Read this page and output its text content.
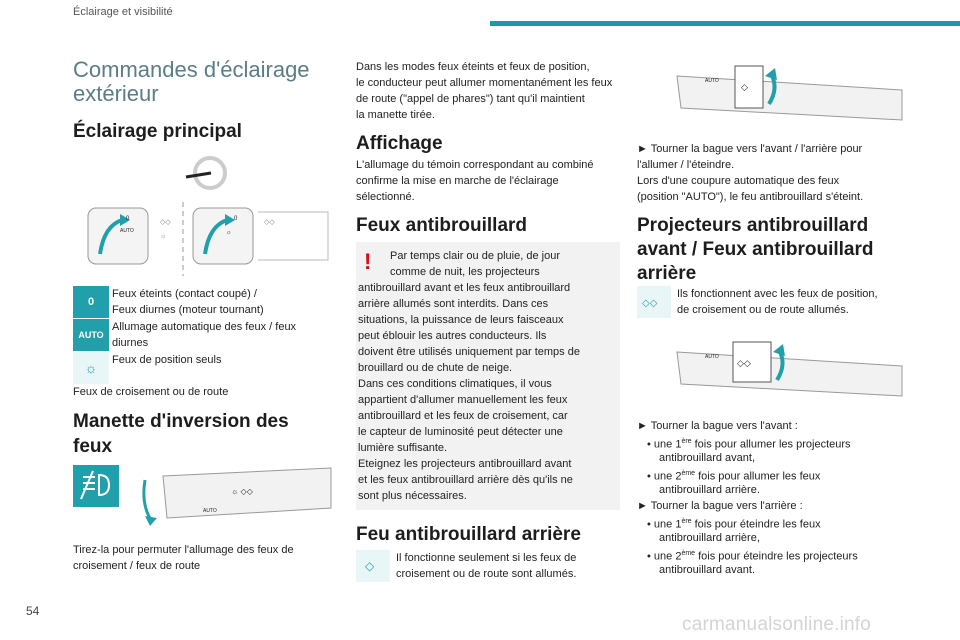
Éclairage et visibilité
54
carmanualsonline.info
Commandes d'éclairage
extérieur
Éclairage principal
0
AUTO
◇◇
☼
0
☼
◇◇
0
Feux éteints (contact coupé) /
Feux diurnes (moteur tournant)
AUTO
Allumage automatique des feux / feux
diurnes
☼	Feux de position seuls
Feux de croisement ou de route
Manette d'inversion des
feux
☼ ◇◇
AUTO
Tirez-la pour permuter l'allumage des feux de
croisement / feux de route
Dans les modes feux éteints et feux de position,
le conducteur peut allumer momentanément les feux
de route ("appel de phares") tant qu'il maintient
la manette tirée.
Affichage
L'allumage du témoin correspondant au combiné
confirme la mise en marche de l'éclairage
sélectionné.
Feux antibrouillard
! Par temps clair ou de pluie, de jour
comme de nuit, les projecteurs
antibrouillard avant et les feux antibrouillard
arrière allumés sont interdits. Dans ces
situations, la puissance de leurs faisceaux
peut éblouir les autres conducteurs. Ils
doivent être utilisés uniquement par temps de
brouillard ou de chute de neige.
Dans ces conditions climatiques, il vous
appartient d'allumer manuellement les feux
antibrouillard et les feux de croisement, car
le capteur de luminosité peut détecter une
lumière suffisante.
Eteignez les projecteurs antibrouillard avant
et les feux antibrouillard arrière dès qu'ils ne
sont plus nécessaires.
Feu antibrouillard arrière
◇
Il fonctionne seulement si les feux de
croisement ou de route sont allumés.
◇
AUTO
► Tourner la bague vers l'avant / l'arrière pour
l'allumer / l'éteindre.
Lors d'une coupure automatique des feux
(position "AUTO"), le feu antibrouillard s'éteint.
Projecteurs antibrouillard
avant / Feux antibrouillard
arrière
◇◇
Ils fonctionnent avec les feux de position,
de croisement ou de route allumés.
◇◇
AUTO
► Tourner la bague vers l'avant :
• une 1ère fois pour allumer les projecteurs
antibrouillard avant,
• une 2ème fois pour allumer les feux
antibrouillard arrière.
► Tourner la bague vers l'arrière :
• une 1ère fois pour éteindre les feux
antibrouillard arrière,
• une 2ème fois pour éteindre les projecteurs
antibrouillard avant.
